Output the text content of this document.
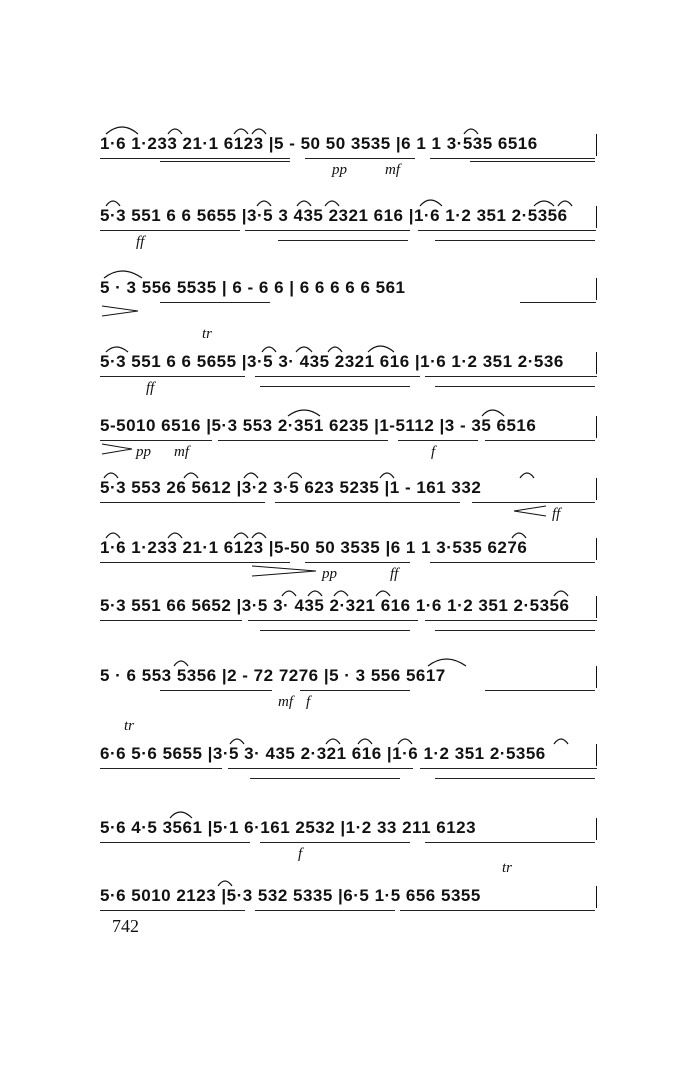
1·6 1·233 21·1 6123 |5 - 50 50 3535 |6 1 1 3·535 6516
pp	mf
5·3 551 6 6 5655 |3·5 3 435 2321 616 |1·6 1·2 351 2·5356
ff
5 · 3 556 5535 | 6 - 6 6 | 6 6 6 6 6 561
tr
5·3 551 6 6 5655 |3·5 3· 435 2321 616 |1·6 1·2 351 2·536
ff
5-5010 6516 |5·3 553 2·351 6235 |1-5112 |3 - 35 6516
pp mf	f
5·3 553 26 5612 |3·2 3·5 623 5235 |1 - 161 332
ff
1·6 1·233 21·1 6123 |5-50 50 3535 |6 1 1 3·535 6276
pp	ff
5·3 551 66 5652 |3·5 3· 435 2·321 616 1·6 1·2 351 2·5356
5 · 6 553 5356 |2 - 72 7276 |5 · 3 556 5617
mf f
tr
6·6 5·6 5655 |3·5 3· 435 2·321 616 |1·6 1·2 351 2·5356
5·6 4·5 3561 |5·1 6·161 2532 |1·2 33 211 6123
f
tr
5·6 5010 2123 |5·3 532 5335 |6·5 1·5 656 5355
742
